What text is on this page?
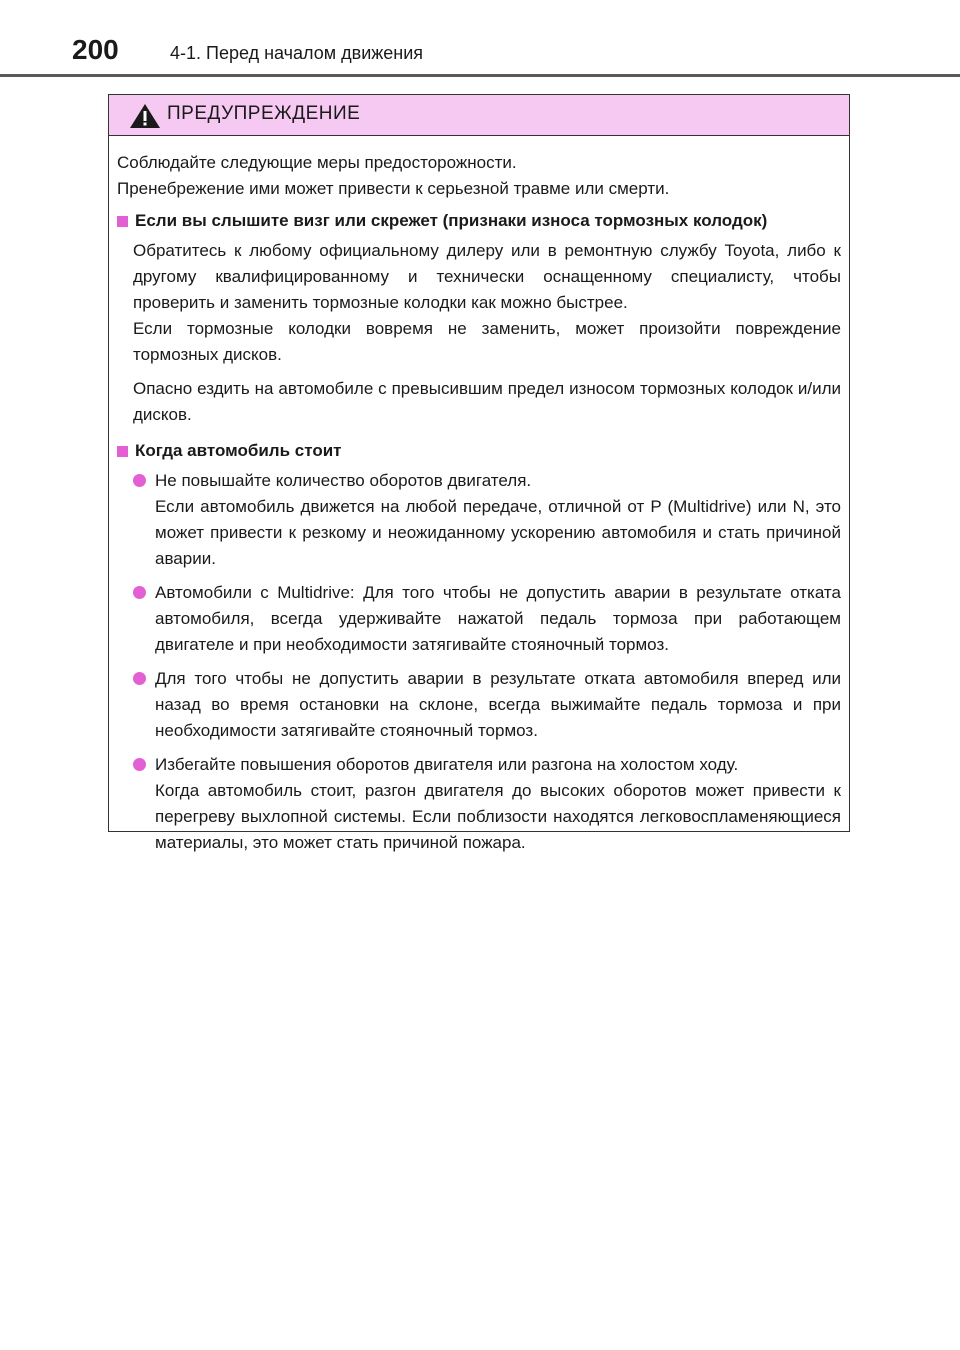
200	4-1. Перед началом движения
ПРЕДУПРЕЖДЕНИЕ

Соблюдайте следующие меры предосторожности.

Пренебрежение ими может привести к серьезной травме или смерти.

Если вы слышите визг или скрежет (признаки износа тормозных колодок)

Обратитесь к любому официальному дилеру или в ремонтную службу Toyota, либо к другому квалифицированному и технически оснащенному специалисту, чтобы проверить и заменить тормозные колодки как можно быстрее.

Если тормозные колодки вовремя не заменить, может произойти повреждение тормозных дисков.

Опасно ездить на автомобиле с превысившим предел износом тормозных колодок и/или дисков.

Когда автомобиль стоит

Не повышайте количество оборотов двигателя.

Если автомобиль движется на любой передаче, отличной от P (Multidrive) или N, это может привести к резкому и неожиданному ускорению автомобиля и стать причиной аварии.

Автомобили с Multidrive: Для того чтобы не допустить аварии в результате отката автомобиля, всегда удерживайте нажатой педаль тормоза при работающем двигателе и при необходимости затягивайте стояночный тормоз.

Для того чтобы не допустить аварии в результате отката автомобиля вперед или назад во время остановки на склоне, всегда выжимайте педаль тормоза и при необходимости затягивайте стояночный тормоз.

Избегайте повышения оборотов двигателя или разгона на холостом ходу.

Когда автомобиль стоит, разгон двигателя до высоких оборотов может привести к перегреву выхлопной системы. Если поблизости находятся легковоспламеняющиеся материалы, это может стать причиной пожара.
